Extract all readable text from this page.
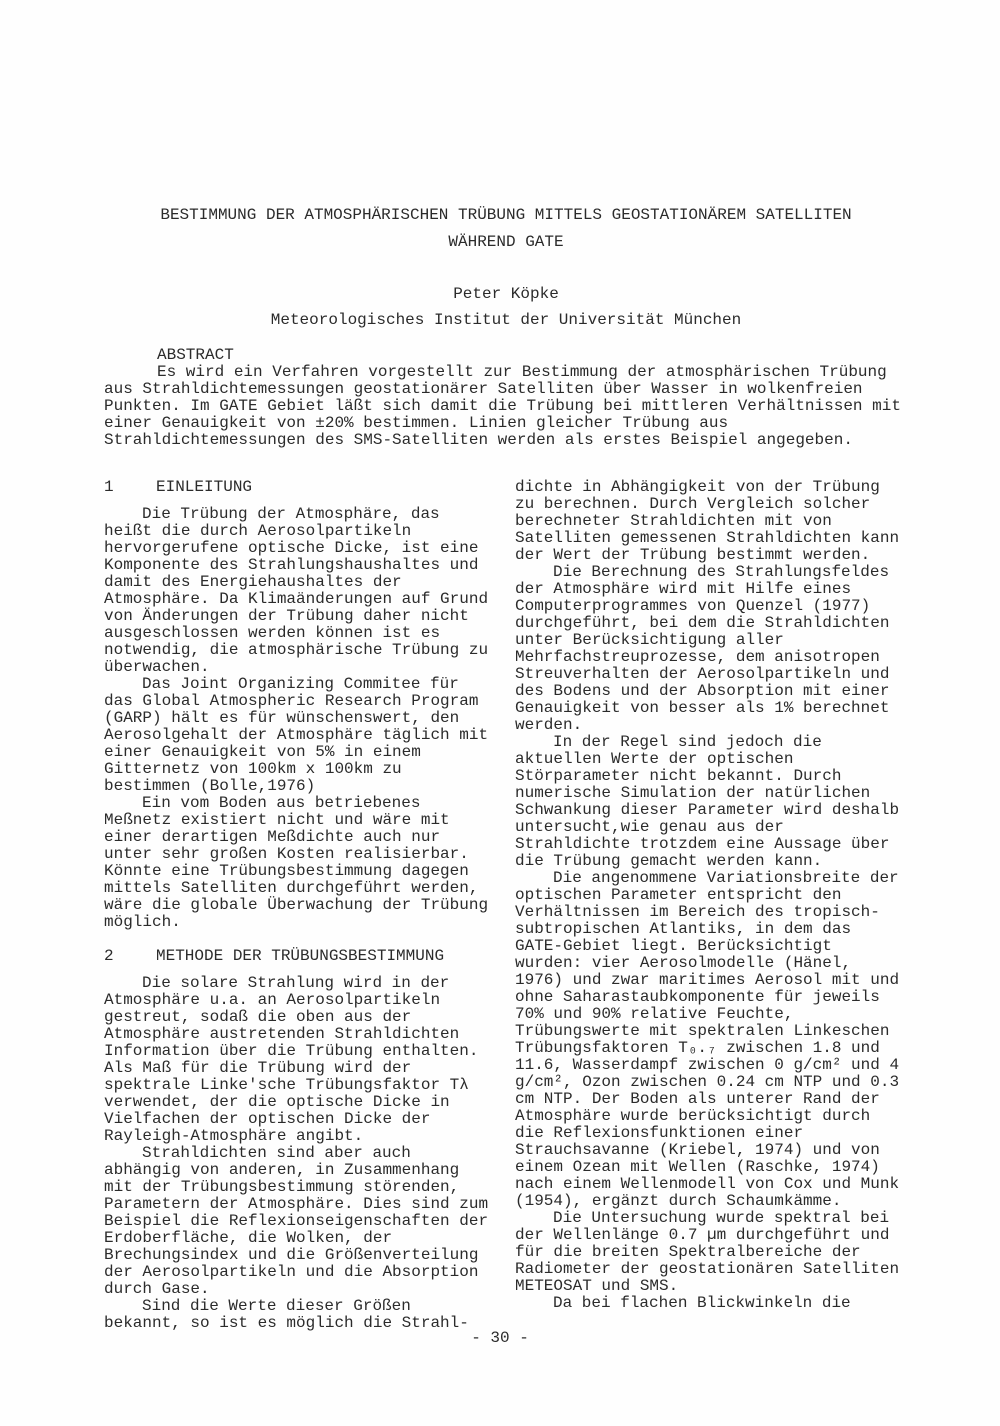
BESTIMMUNG DER ATMOSPHÄRISCHEN TRÜBUNG MITTELS GEOSTATIONÄREM SATELLITEN
WÄHREND GATE
Peter Köpke
Meteorologisches Institut der Universität München
ABSTRACT

Es wird ein Verfahren vorgestellt zur Bestimmung der atmosphärischen Trübung aus Strahldichtemessungen geostationärer Satelliten über Wasser in wolkenfreien Punkten. Im GATE Gebiet läßt sich damit die Trübung bei mittleren Verhältnissen mit einer Genauigkeit von ±20% bestimmen. Linien gleicher Trübung aus Strahldichtemessungen des SMS-Satelliten werden als erstes Beispiel angegeben.

1	EINLEITUNG

Die Trübung der Atmosphäre, das heißt die durch Aerosolpartikeln hervorgerufene optische Dicke, ist eine Komponente des Strahlungshaushaltes und damit des Energiehaushaltes der Atmosphäre. Da Klimaänderungen auf Grund von Änderungen der Trübung daher nicht ausgeschlossen werden können ist es notwendig, die atmosphärische Trübung zu überwachen.

Das Joint Organizing Commitee für das Global Atmospheric Research Program (GARP) hält es für wünschenswert, den Aerosolgehalt der Atmosphäre täglich mit einer Genauigkeit von 5% in einem Gitternetz von 100km x 100km zu bestimmen (Bolle,1976)

Ein vom Boden aus betriebenes Meßnetz existiert nicht und wäre mit einer derartigen Meßdichte auch nur unter sehr großen Kosten realisierbar. Könnte eine Trübungsbestimmung dagegen mittels Satelliten durchgeführt werden, wäre die globale Überwachung der Trübung möglich.

2	METHODE DER TRÜBUNGSBESTIMMUNG

Die solare Strahlung wird in der Atmosphäre u.a. an Aerosolpartikeln gestreut, sodaß die oben aus der Atmosphäre austretenden Strahldichten Information über die Trübung enthalten. Als Maß für die Trübung wird der spektrale Linke'sche Trübungsfaktor Tλ verwendet, der die optische Dicke in Vielfachen der optischen Dicke der Rayleigh-Atmosphäre angibt.

Strahldichten sind aber auch abhängig von anderen, in Zusammenhang mit der Trübungsbestimmung störenden, Parametern der Atmosphäre. Dies sind zum Beispiel die Reflexionseigenschaften der Erdoberfläche, die Wolken, der Brechungsindex und die Größenverteilung der Aerosolpartikeln und die Absorption durch Gase.

Sind die Werte dieser Größen bekannt, so ist es möglich die Strahl-

dichte in Abhängigkeit von der Trübung zu berechnen. Durch Vergleich solcher berechneter Strahldichten mit von Satelliten gemessenen Strahldichten kann der Wert der Trübung bestimmt werden.

Die Berechnung des Strahlungsfeldes der Atmosphäre wird mit Hilfe eines Computerprogrammes von Quenzel (1977) durchgeführt, bei dem die Strahldichten unter Berücksichtigung aller Mehrfachstreuprozesse, dem anisotropen Streuverhalten der Aerosolpartikeln und des Bodens und der Absorption mit einer Genauigkeit von besser als 1% berechnet werden.

In der Regel sind jedoch die aktuellen Werte der optischen Störparameter nicht bekannt. Durch numerische Simulation der natürlichen Schwankung dieser Parameter wird deshalb untersucht,wie genau aus der Strahldichte trotzdem eine Aussage über die Trübung gemacht werden kann.

Die angenommene Variationsbreite der optischen Parameter entspricht den Verhältnissen im Bereich des tropisch-subtropischen Atlantiks, in dem das GATE-Gebiet liegt. Berücksichtigt wurden: vier Aerosolmodelle (Hänel, 1976) und zwar maritimes Aerosol mit und ohne Saharastaubkomponente für jeweils 70% und 90% relative Feuchte, Trübungswerte mit spektralen Linkeschen Trübungsfaktoren T₀.₇ zwischen 1.8 und 11.6, Wasserdampf zwischen 0 g/cm² und 4 g/cm², Ozon zwischen 0.24 cm NTP und 0.3 cm NTP. Der Boden als unterer Rand der Atmosphäre wurde berücksichtigt durch die Reflexionsfunktionen einer Strauchsavanne (Kriebel, 1974) und von einem Ozean mit Wellen (Raschke, 1974) nach einem Wellenmodell von Cox und Munk (1954), ergänzt durch Schaumkämme.

Die Untersuchung wurde spektral bei der Wellenlänge 0.7 µm durchgeführt und für die breiten Spektralbereiche der Radiometer der geostationären Satelliten METEOSAT und SMS.

Da bei flachen Blickwinkeln die

- 30 -
